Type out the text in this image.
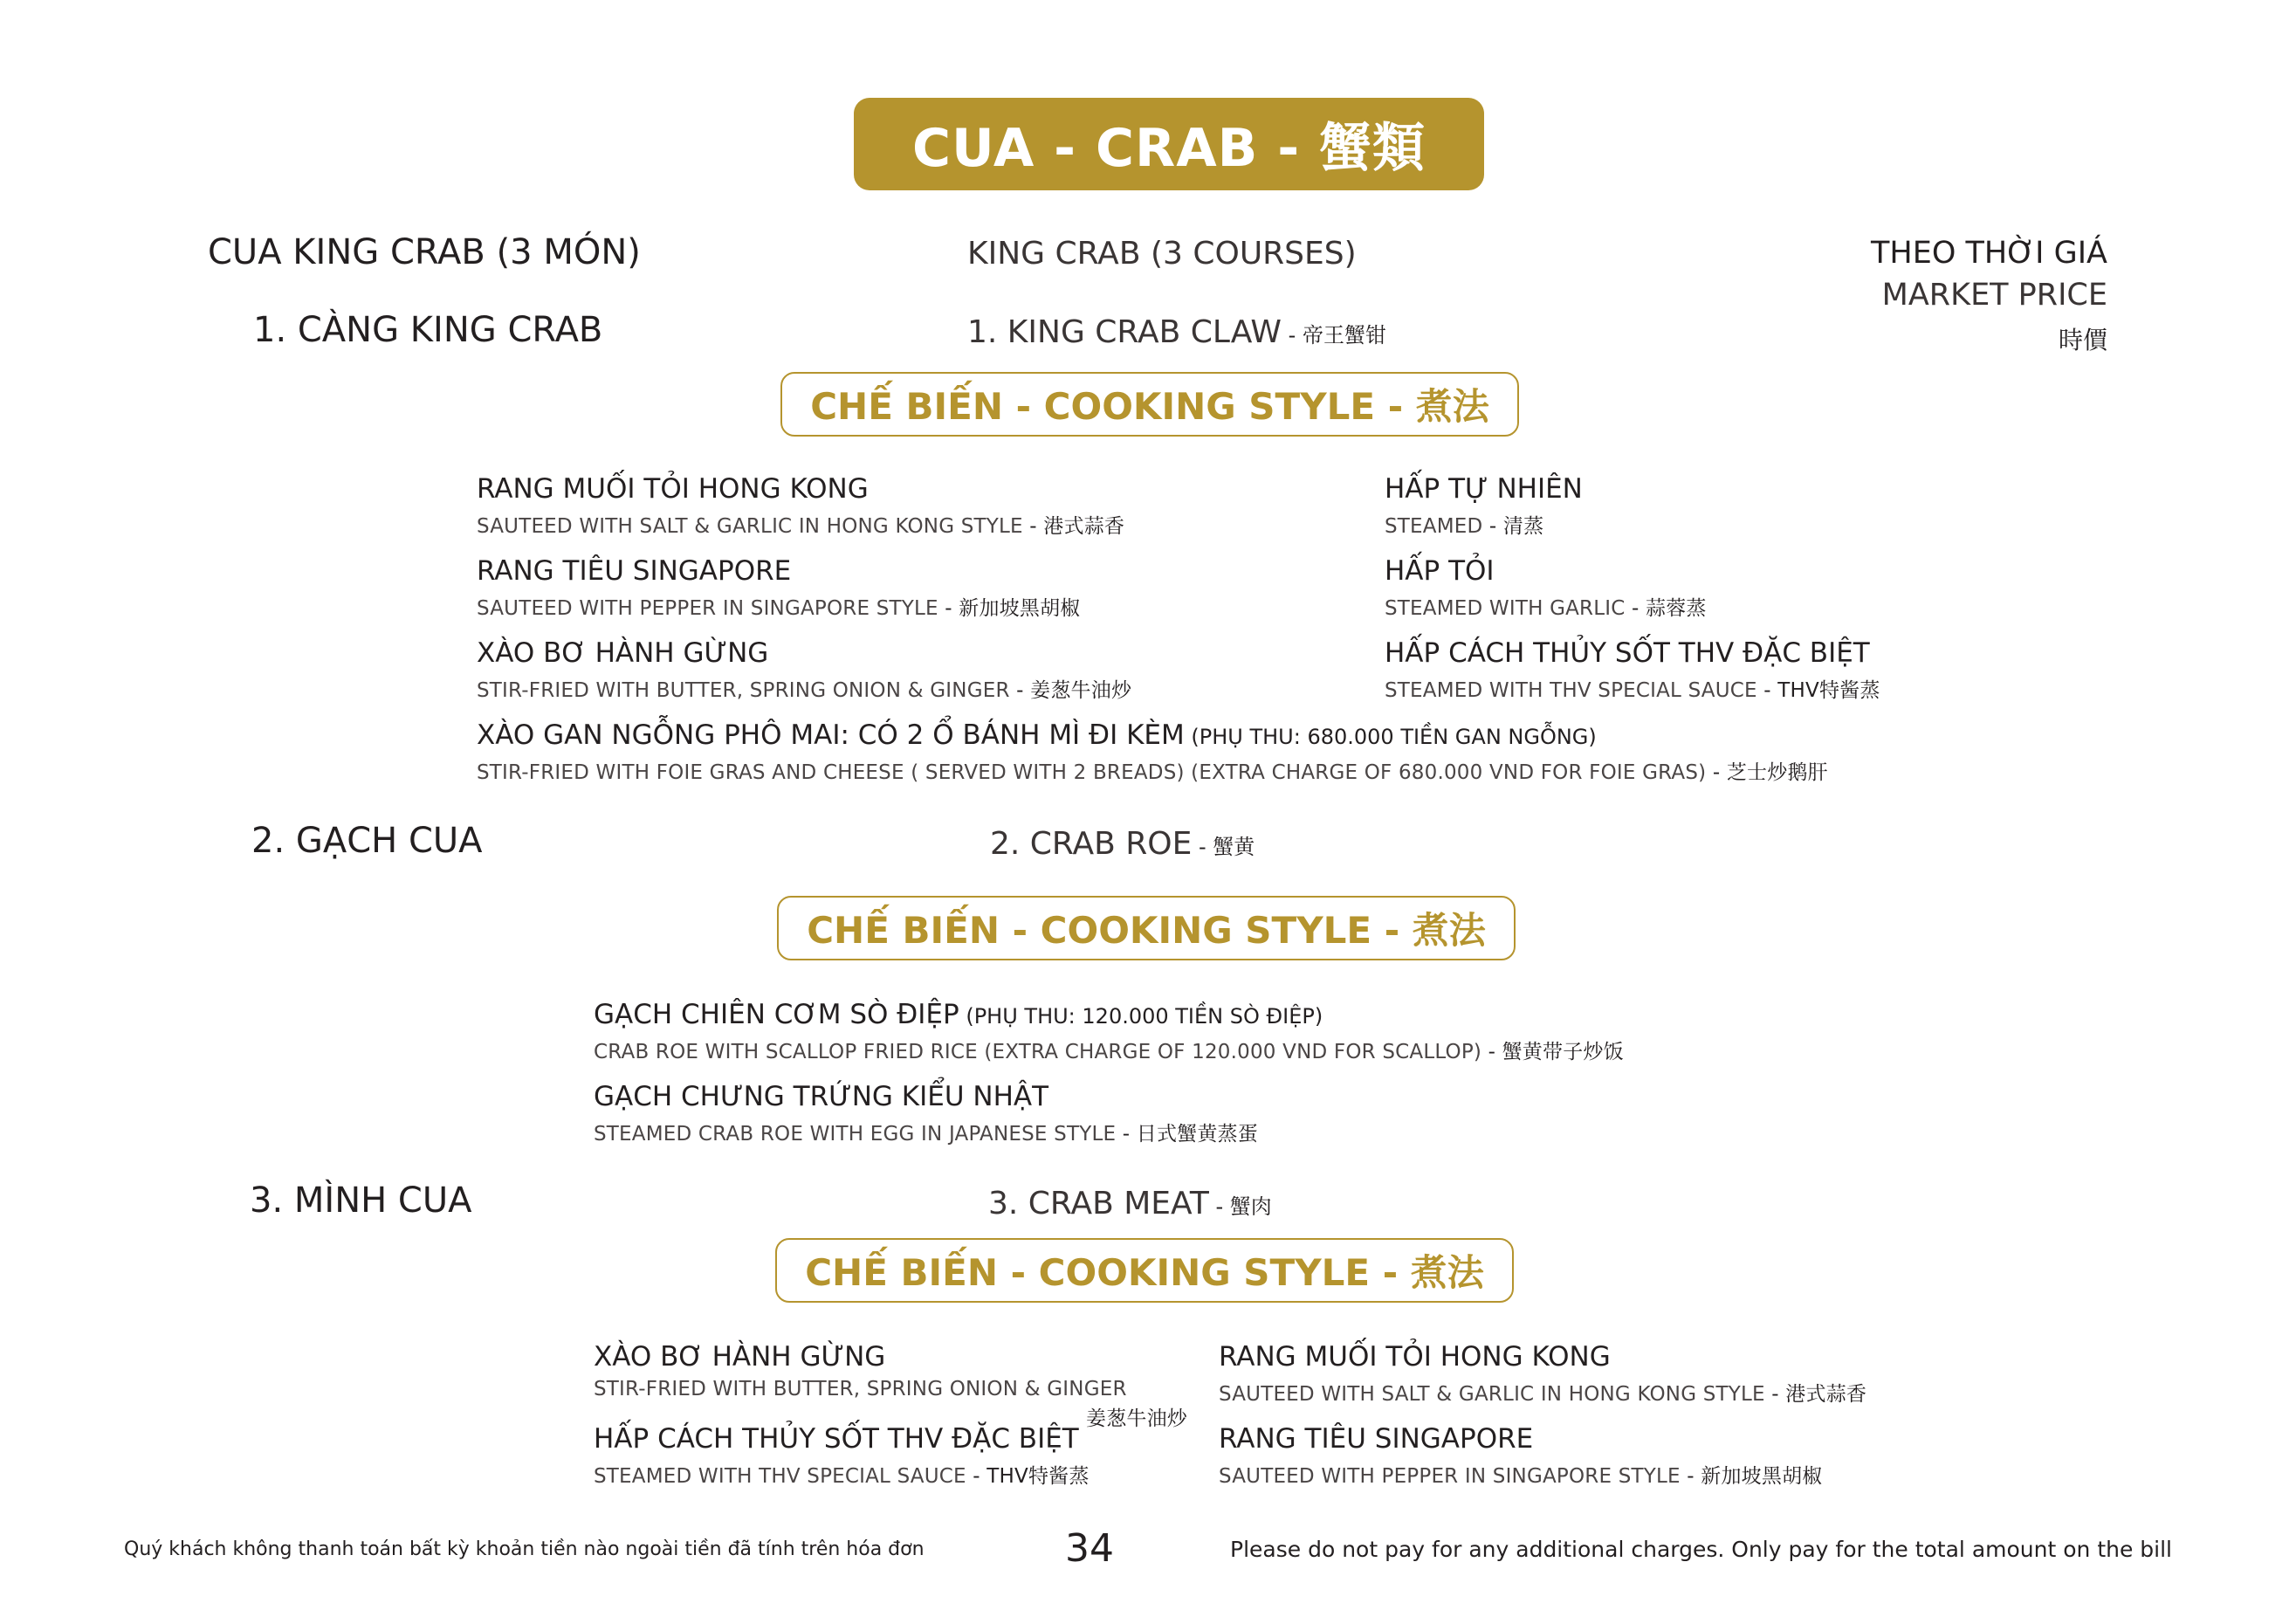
CUA - CRAB - 蟹類
CUA KING CRAB (3 MÓN)	KING CRAB (3 COURSES)	THEO THỜI GIÁ
MARKET PRICE
時價
1. CÀNG KING CRAB	1. KING CRAB CLAW - 帝王蟹钳
CHẾ BIẾN - COOKING STYLE - 煮法
RANG MUỐI TỎI HONG KONG
SAUTEED WITH SALT & GARLIC IN HONG KONG STYLE - 港式蒜香
HẤP TỰ NHIÊN
STEAMED - 清蒸
RANG TIÊU SINGAPORE
SAUTEED WITH PEPPER IN SINGAPORE STYLE - 新加坡黑胡椒
HẤP TỎI
STEAMED WITH GARLIC - 蒜蓉蒸
XÀO BƠ HÀNH GỪNG
STIR-FRIED WITH BUTTER, SPRING ONION & GINGER - 姜葱牛油炒
HẤP CÁCH THỦY SỐT THV ĐẶC BIỆT
STEAMED WITH THV SPECIAL SAUCE - THV特酱蒸
XÀO GAN NGỖNG PHÔ MAI: CÓ 2 Ổ BÁNH MÌ ĐI KÈM (PHỤ THU: 680.000 TIỀN GAN NGỖNG)
STIR-FRIED WITH FOIE GRAS AND CHEESE ( SERVED WITH 2 BREADS) (EXTRA CHARGE OF 680.000 VND FOR FOIE GRAS) - 芝士炒鹅肝
2. GẠCH CUA	2. CRAB ROE - 蟹黄
CHẾ BIẾN - COOKING STYLE - 煮法
GẠCH CHIÊN CƠM SÒ ĐIỆP (PHỤ THU: 120.000 TIỀN SÒ ĐIỆP)
CRAB ROE WITH SCALLOP FRIED RICE (EXTRA CHARGE OF 120.000 VND FOR SCALLOP) - 蟹黄带子炒饭
GẠCH CHƯNG TRỨNG KIỂU NHẬT
STEAMED CRAB ROE WITH EGG IN JAPANESE STYLE - 日式蟹黄蒸蛋
3. MÌNH CUA	3. CRAB MEAT - 蟹肉
CHẾ BIẾN - COOKING STYLE - 煮法
XÀO BƠ HÀNH GỪNG
STIR-FRIED WITH BUTTER, SPRING ONION & GINGER
姜葱牛油炒
RANG MUỐI TỎI HONG KONG
SAUTEED WITH SALT & GARLIC IN HONG KONG STYLE - 港式蒜香
HẤP CÁCH THỦY SỐT THV ĐẶC BIỆT
STEAMED WITH THV SPECIAL SAUCE - THV特酱蒸
RANG TIÊU SINGAPORE
SAUTEED WITH PEPPER IN SINGAPORE STYLE - 新加坡黑胡椒
Quý khách không thanh toán bất kỳ khoản tiền nào ngoài tiền đã tính trên hóa đơn	34	Please do not pay for any additional charges. Only pay for the total amount on the bill
